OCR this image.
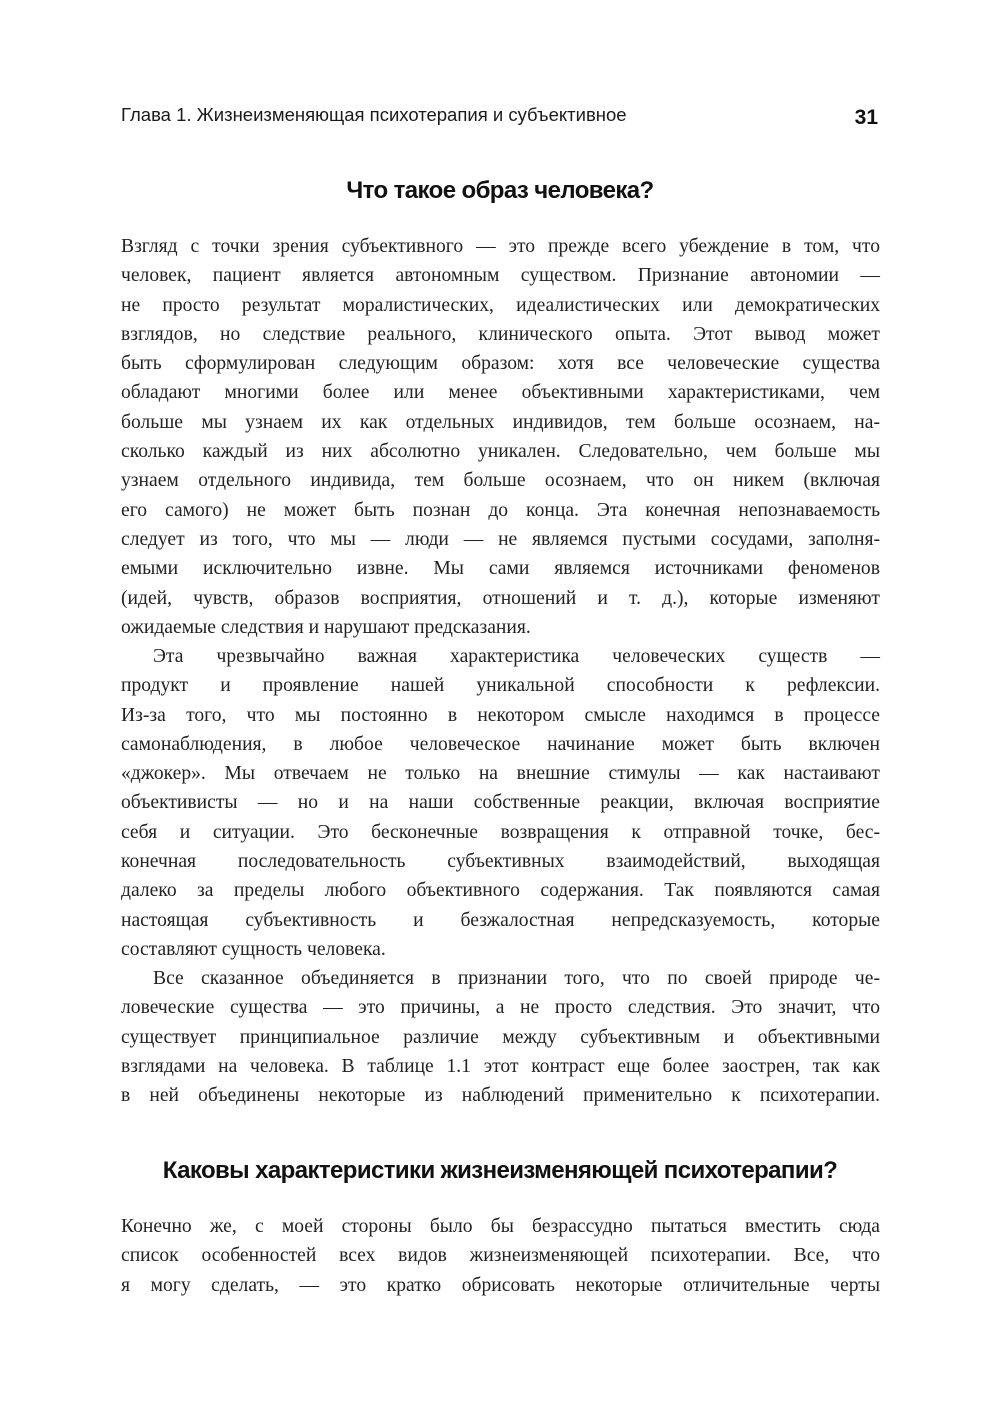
Глава 1. Жизнеизменяющая психотерапия и субъективное	31
Что такое образ человека?

Взгляд с точки зрения субъективного — это прежде всего убеждение в том, что
человек, пациент является автономным существом. Признание автономии —
не просто результат моралистических, идеалистических или демократических
взглядов, но следствие реального, клинического опыта. Этот вывод может
быть сформулирован следующим образом: хотя все человеческие существа
обладают многими более или менее объективными характеристиками, чем
больше мы узнаем их как отдельных индивидов, тем больше осознаем, на-
сколько каждый из них абсолютно уникален. Следовательно, чем больше мы
узнаем отдельного индивида, тем больше осознаем, что он никем (включая
его самого) не может быть познан до конца. Эта конечная непознаваемость
следует из того, что мы — люди — не являемся пустыми сосудами, заполня-
емыми исключительно извне. Мы сами являемся источниками феноменов
(идей, чувств, образов восприятия, отношений и т. д.), которые изменяют
ожидаемые следствия и нарушают предсказания.

Эта чрезвычайно важная характеристика человеческих существ —
продукт и проявление нашей уникальной способности к рефлексии.
Из-за того, что мы постоянно в некотором смысле находимся в процессе
самонаблюдения, в любое человеческое начинание может быть включен
«джокер». Мы отвечаем не только на внешние стимулы — как настаивают
объективисты — но и на наши собственные реакции, включая восприятие
себя и ситуации. Это бесконечные возвращения к отправной точке, бес-
конечная последовательность субъективных взаимодействий, выходящая
далеко за пределы любого объективного содержания. Так появляются самая
настоящая субъективность и безжалостная непредсказуемость, которые
составляют сущность человека.

Все сказанное объединяется в признании того, что по своей природе че-
ловеческие существа — это причины, а не просто следствия. Это значит, что
существует принципиальное различие между субъективным и объективными
взглядами на человека. В таблице 1.1 этот контраст еще более заострен, так как
в ней объединены некоторые из наблюдений применительно к психотерапии.

Каковы характеристики жизнеизменяющей психотерапии?

Конечно же, с моей стороны было бы безрассудно пытаться вместить сюда
список особенностей всех видов жизнеизменяющей психотерапии. Все, что
я могу сделать, — это кратко обрисовать некоторые отличительные черты
